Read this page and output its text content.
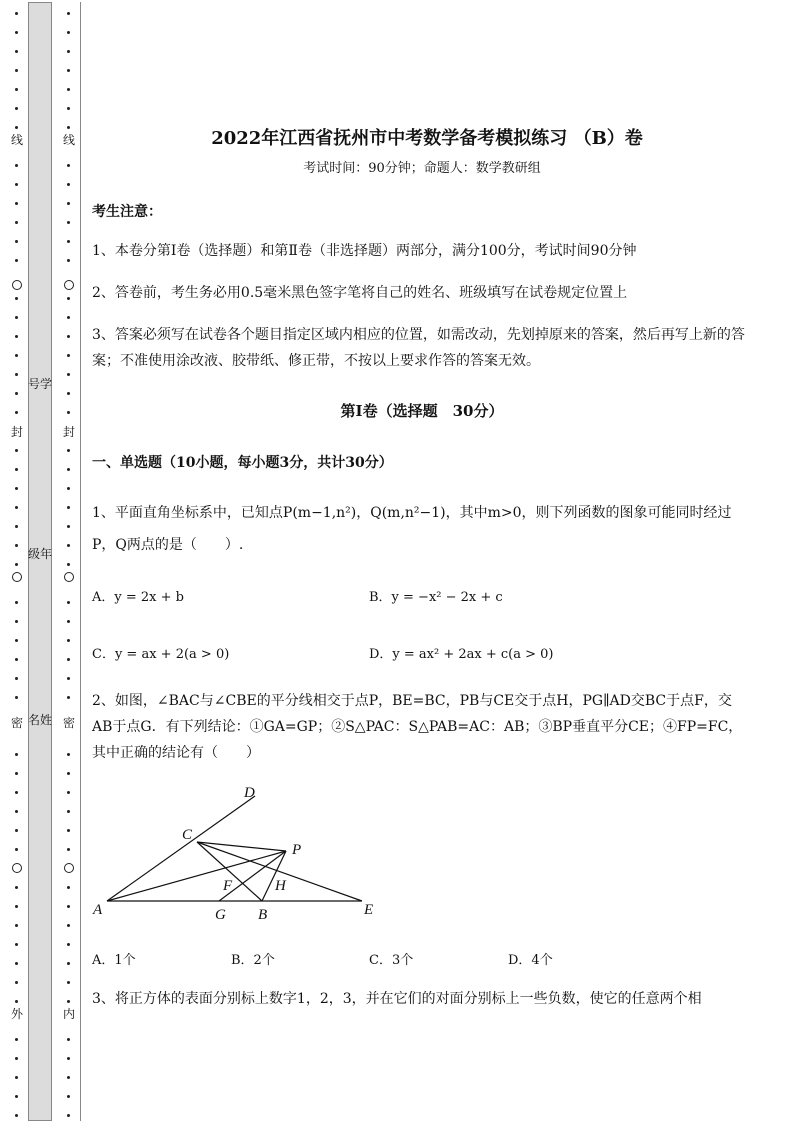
线
封
密
外
号学
级年
名姓
线
封
密
内
2022年江西省抚州市中考数学备考模拟练习 （B）卷
考试时间：90分钟；命题人：数学教研组
考生注意：
1、本卷分第Ⅰ卷（选择题）和第Ⅱ卷（非选择题）两部分，满分100分，考试时间90分钟
2、答卷前，考生务必用0.5毫米黑色签字笔将自己的姓名、班级填写在试卷规定位置上
3、答案必须写在试卷各个题目指定区域内相应的位置，如需改动，先划掉原来的答案，然后再写上新的答案；不准使用涂改液、胶带纸、修正带，不按以上要求作答的答案无效。
第Ⅰ卷（选择题　30分）
一、单选题（10小题，每小题3分，共计30分）
1、平面直角坐标系中，已知点P(m−1,n²)，Q(m,n²−1)，其中m>0，则下列函数的图象可能同时经过P，Q两点的是（　　）.
A．y = 2x + b	B．y = −x² − 2x + c
C．y = ax + 2(a > 0)	D．y = ax² + 2ax + c(a > 0)
2、如图，∠BAC与∠CBE的平分线相交于点P，BE=BC，PB与CE交于点H，PG∥AD交BC于点F，交AB于点G．有下列结论：①GA=GP；②S△PAC：S△PAB=AC：AB；③BP垂直平分CE；④FP=FC，其中正确的结论有（　　）
D
C
P
F	H
A	G B	E
A．1个	B．2个	C．3个	D．4个
3、将正方体的表面分别标上数字1，2，3，并在它们的对面分别标上一些负数，使它的任意两个相
